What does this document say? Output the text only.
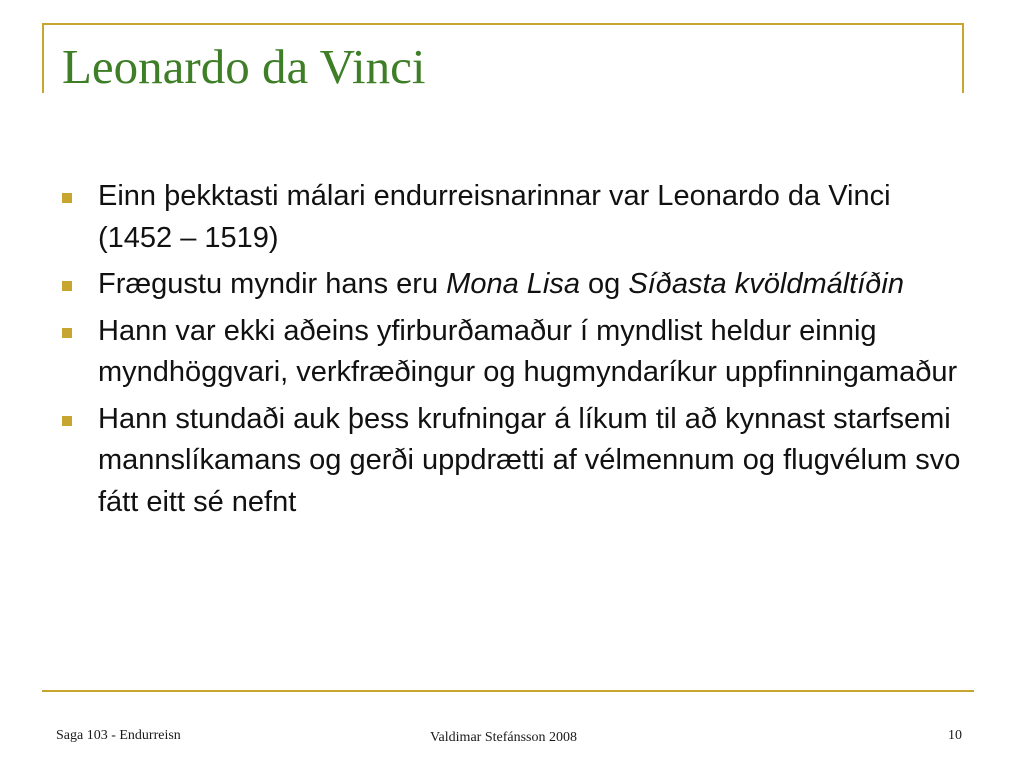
Leonardo da Vinci
Einn þekktasti málari endurreisnarinnar var Leonardo da Vinci (1452 – 1519)
Frægustu myndir hans eru Mona Lisa og Síðasta kvöldmáltíðin
Hann var ekki aðeins yfirburðamaður í myndlist heldur einnig myndhöggvari, verkfræðingur og hugmyndaríkur uppfinningamaður
Hann stundaði auk þess krufningar á líkum til að kynnast starfsemi mannslíkamans og gerði uppdrætti af vélmennum og flugvélum svo fátt eitt sé nefnt
Saga 103 - Endurreisn	Valdimar Stefánsson 2008	10
